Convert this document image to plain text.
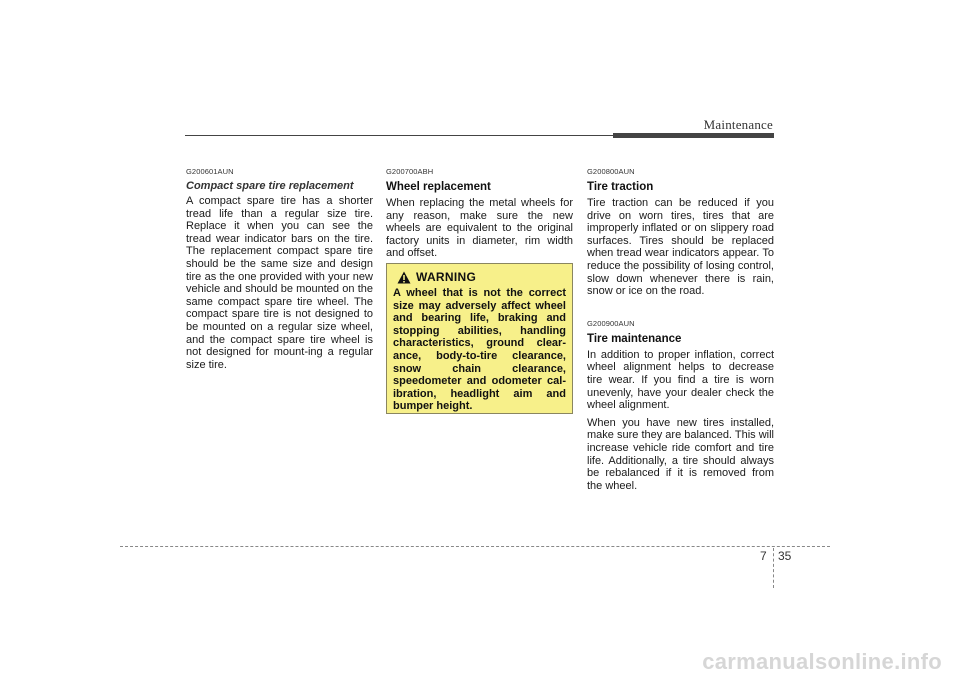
Maintenance

G200601AUN

Compact spare tire replacement

A compact spare tire has a shorter tread life than a regular size tire. Replace it when you can see the tread wear indicator bars on the tire. The replacement compact spare tire should be the same size and design tire as the one provided with your new vehicle and should be mounted on the same compact spare tire wheel. The compact spare tire is not designed to be mounted on a regular size wheel, and the compact spare tire wheel is not designed for mount-ing a regular size tire.

G200700ABH

Wheel replacement

When replacing the metal wheels for any reason, make sure the new wheels are equivalent to the original factory units in diameter, rim width and offset.

WARNING

A wheel that is not the correct size may adversely affect wheel and bearing life, braking and stopping abilities, handling characteristics, ground clear-ance, body-to-tire clearance, snow chain clearance, speedometer and odometer cal-ibration, headlight aim and bumper height.

G200800AUN

Tire traction

Tire traction can be reduced if you drive on worn tires, tires that are improperly inflated or on slippery road surfaces. Tires should be replaced when tread wear indicators appear. To reduce the possibility of losing control, slow down whenever there is rain, snow or ice on the road.

G200900AUN

Tire maintenance

In addition to proper inflation, correct wheel alignment helps to decrease tire wear. If you find a tire is worn unevenly, have your dealer check the wheel alignment.

When you have new tires installed, make sure they are balanced. This will increase vehicle ride comfort and tire life. Additionally, a tire should always be rebalanced if it is removed from the wheel.

7 35
carmanualsonline.info
